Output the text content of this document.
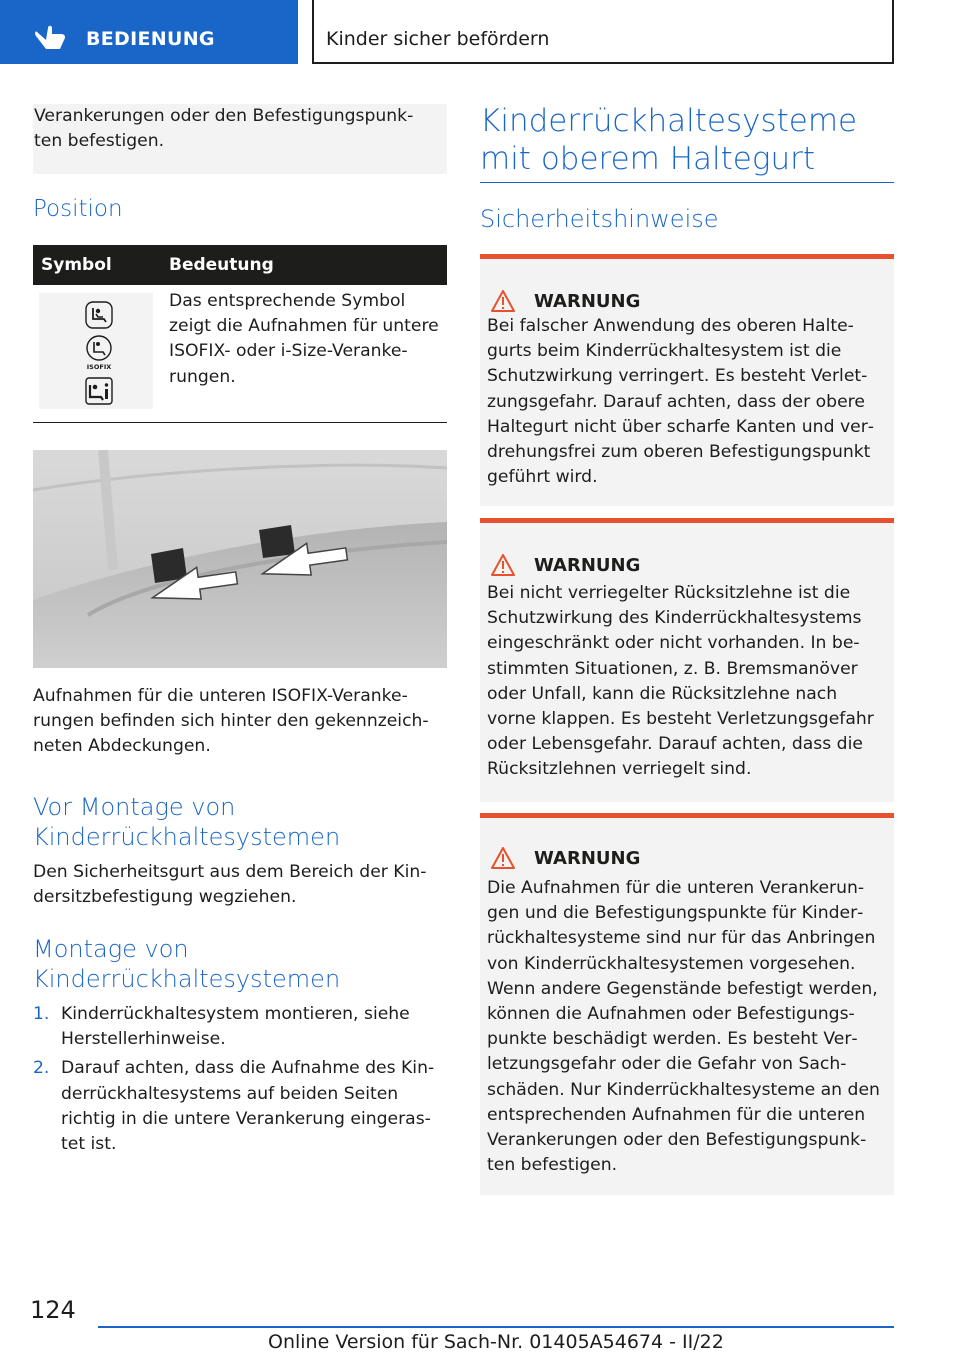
BEDIENUNG	Kinder sicher befördern
Verankerungen oder den Befestigungspunk‐ ten befestigen.
Position
Symbol	Bedeutung

ISOFIX	Das entsprechende Symbol zeigt die Aufnahmen für untere ISOFIX- oder i-Size-Veranke‐ rungen.
Aufnahmen für die unteren ISOFIX-Veranke‐ rungen befinden sich hinter den gekennzeich‐ neten Abdeckungen.
Vor Montage von Kinderrückhaltesystemen
Den Sicherheitsgurt aus dem Bereich der Kin‐ dersitzbefestigung wegziehen.
Montage von Kinderrückhaltesystemen
1. Kinderrückhaltesystem montieren, siehe Herstellerhinweise.
2. Darauf achten, dass die Aufnahme des Kin‐ derrückhaltesystems auf beiden Seiten richtig in die untere Verankerung eingeras‐ tet ist.
Kinderrückhaltesysteme mit oberem Haltegurt
Sicherheitshinweise
WARNUNG
Bei falscher Anwendung des oberen Halte‐ gurts beim Kinderrückhaltesystem ist die Schutzwirkung verringert. Es besteht Verlet‐ zungsgefahr. Darauf achten, dass der obere Haltegurt nicht über scharfe Kanten und ver‐ drehungsfrei zum oberen Befestigungspunkt geführt wird.
WARNUNG
Bei nicht verriegelter Rücksitzlehne ist die Schutzwirkung des Kinderrückhaltesystems eingeschränkt oder nicht vorhanden. In be‐ stimmten Situationen, z. B. Bremsmanöver oder Unfall, kann die Rücksitzlehne nach vorne klappen. Es besteht Verletzungsgefahr oder Lebensgefahr. Darauf achten, dass die Rücksitzlehnen verriegelt sind.
WARNUNG
Die Aufnahmen für die unteren Verankerun‐ gen und die Befestigungspunkte für Kinder‐ rückhaltesysteme sind nur für das Anbringen von Kinderrückhaltesystemen vorgesehen. Wenn andere Gegenstände befestigt werden, können die Aufnahmen oder Befestigungs‐ punkte beschädigt werden. Es besteht Ver‐ letzungsgefahr oder die Gefahr von Sach‐ schäden. Nur Kinderrückhaltesysteme an den entsprechenden Aufnahmen für die unteren Verankerungen oder den Befestigungspunk‐ ten befestigen.
124
Online Version für Sach-Nr. 01405A54674 - II/22
